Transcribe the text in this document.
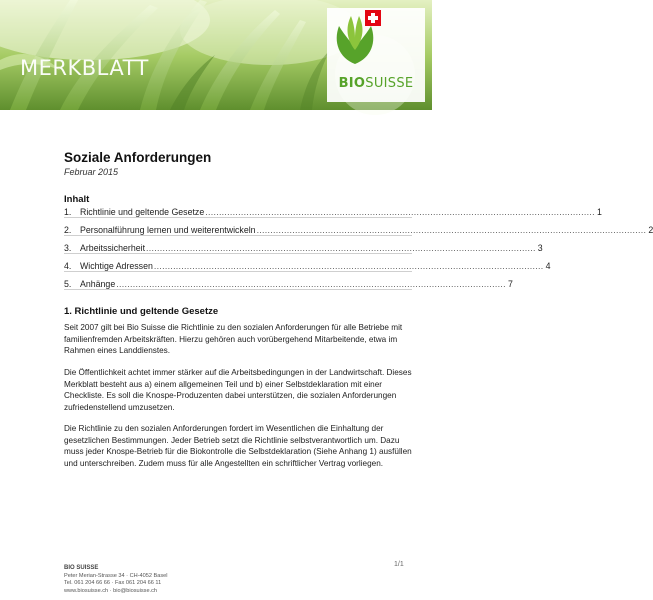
MERKBLATT
BIOSUISSE
Soziale Anforderungen
Februar 2015
Inhalt
1. Richtlinie und geltende Gesetze .............................................................................................................................................. 1
2. Personalführung lernen und weiterentwickeln .............................................................................................................................................. 2
3. Arbeitssicherheit .............................................................................................................................................. 3
4. Wichtige Adressen .............................................................................................................................................. 4
5. Anhänge .............................................................................................................................................. 7
1. Richtlinie und geltende Gesetze

Seit 2007 gilt bei Bio Suisse die Richtlinie zu den sozialen Anforderungen für alle Betriebe mit familienfremden Arbeitskräften. Hierzu gehören auch vorübergehend Mitarbeitende, etwa im Rahmen eines Landdienstes.

Die Öffentlichkeit achtet immer stärker auf die Arbeitsbedingungen in der Landwirtschaft. Dieses Merkblatt besteht aus a) einem allgemeinen Teil und b) einer Selbstdeklaration mit einer Checkliste. Es soll die Knospe-Produzenten dabei unterstützen, die sozialen Anforderungen zufriedenstellend umzusetzen.

Die Richtlinie zu den sozialen Anforderungen fordert im Wesentlichen die Einhaltung der gesetzlichen Bestimmungen. Jeder Betrieb setzt die Richtlinie selbstverantwortlich um. Dazu muss jeder Knospe-Betrieb für die Biokontrolle die Selbstdeklaration (Siehe Anhang 1) ausfüllen und unterschreiben. Zudem muss für alle Angestellten ein schriftlicher Vertrag vorliegen.

1/1
BIO SUISSE
Peter Merian-Strasse 34 · CH-4052 Basel
Tel. 061 204 66 66 · Fax 061 204 66 11
www.biosuisse.ch · bio@biosuisse.ch
